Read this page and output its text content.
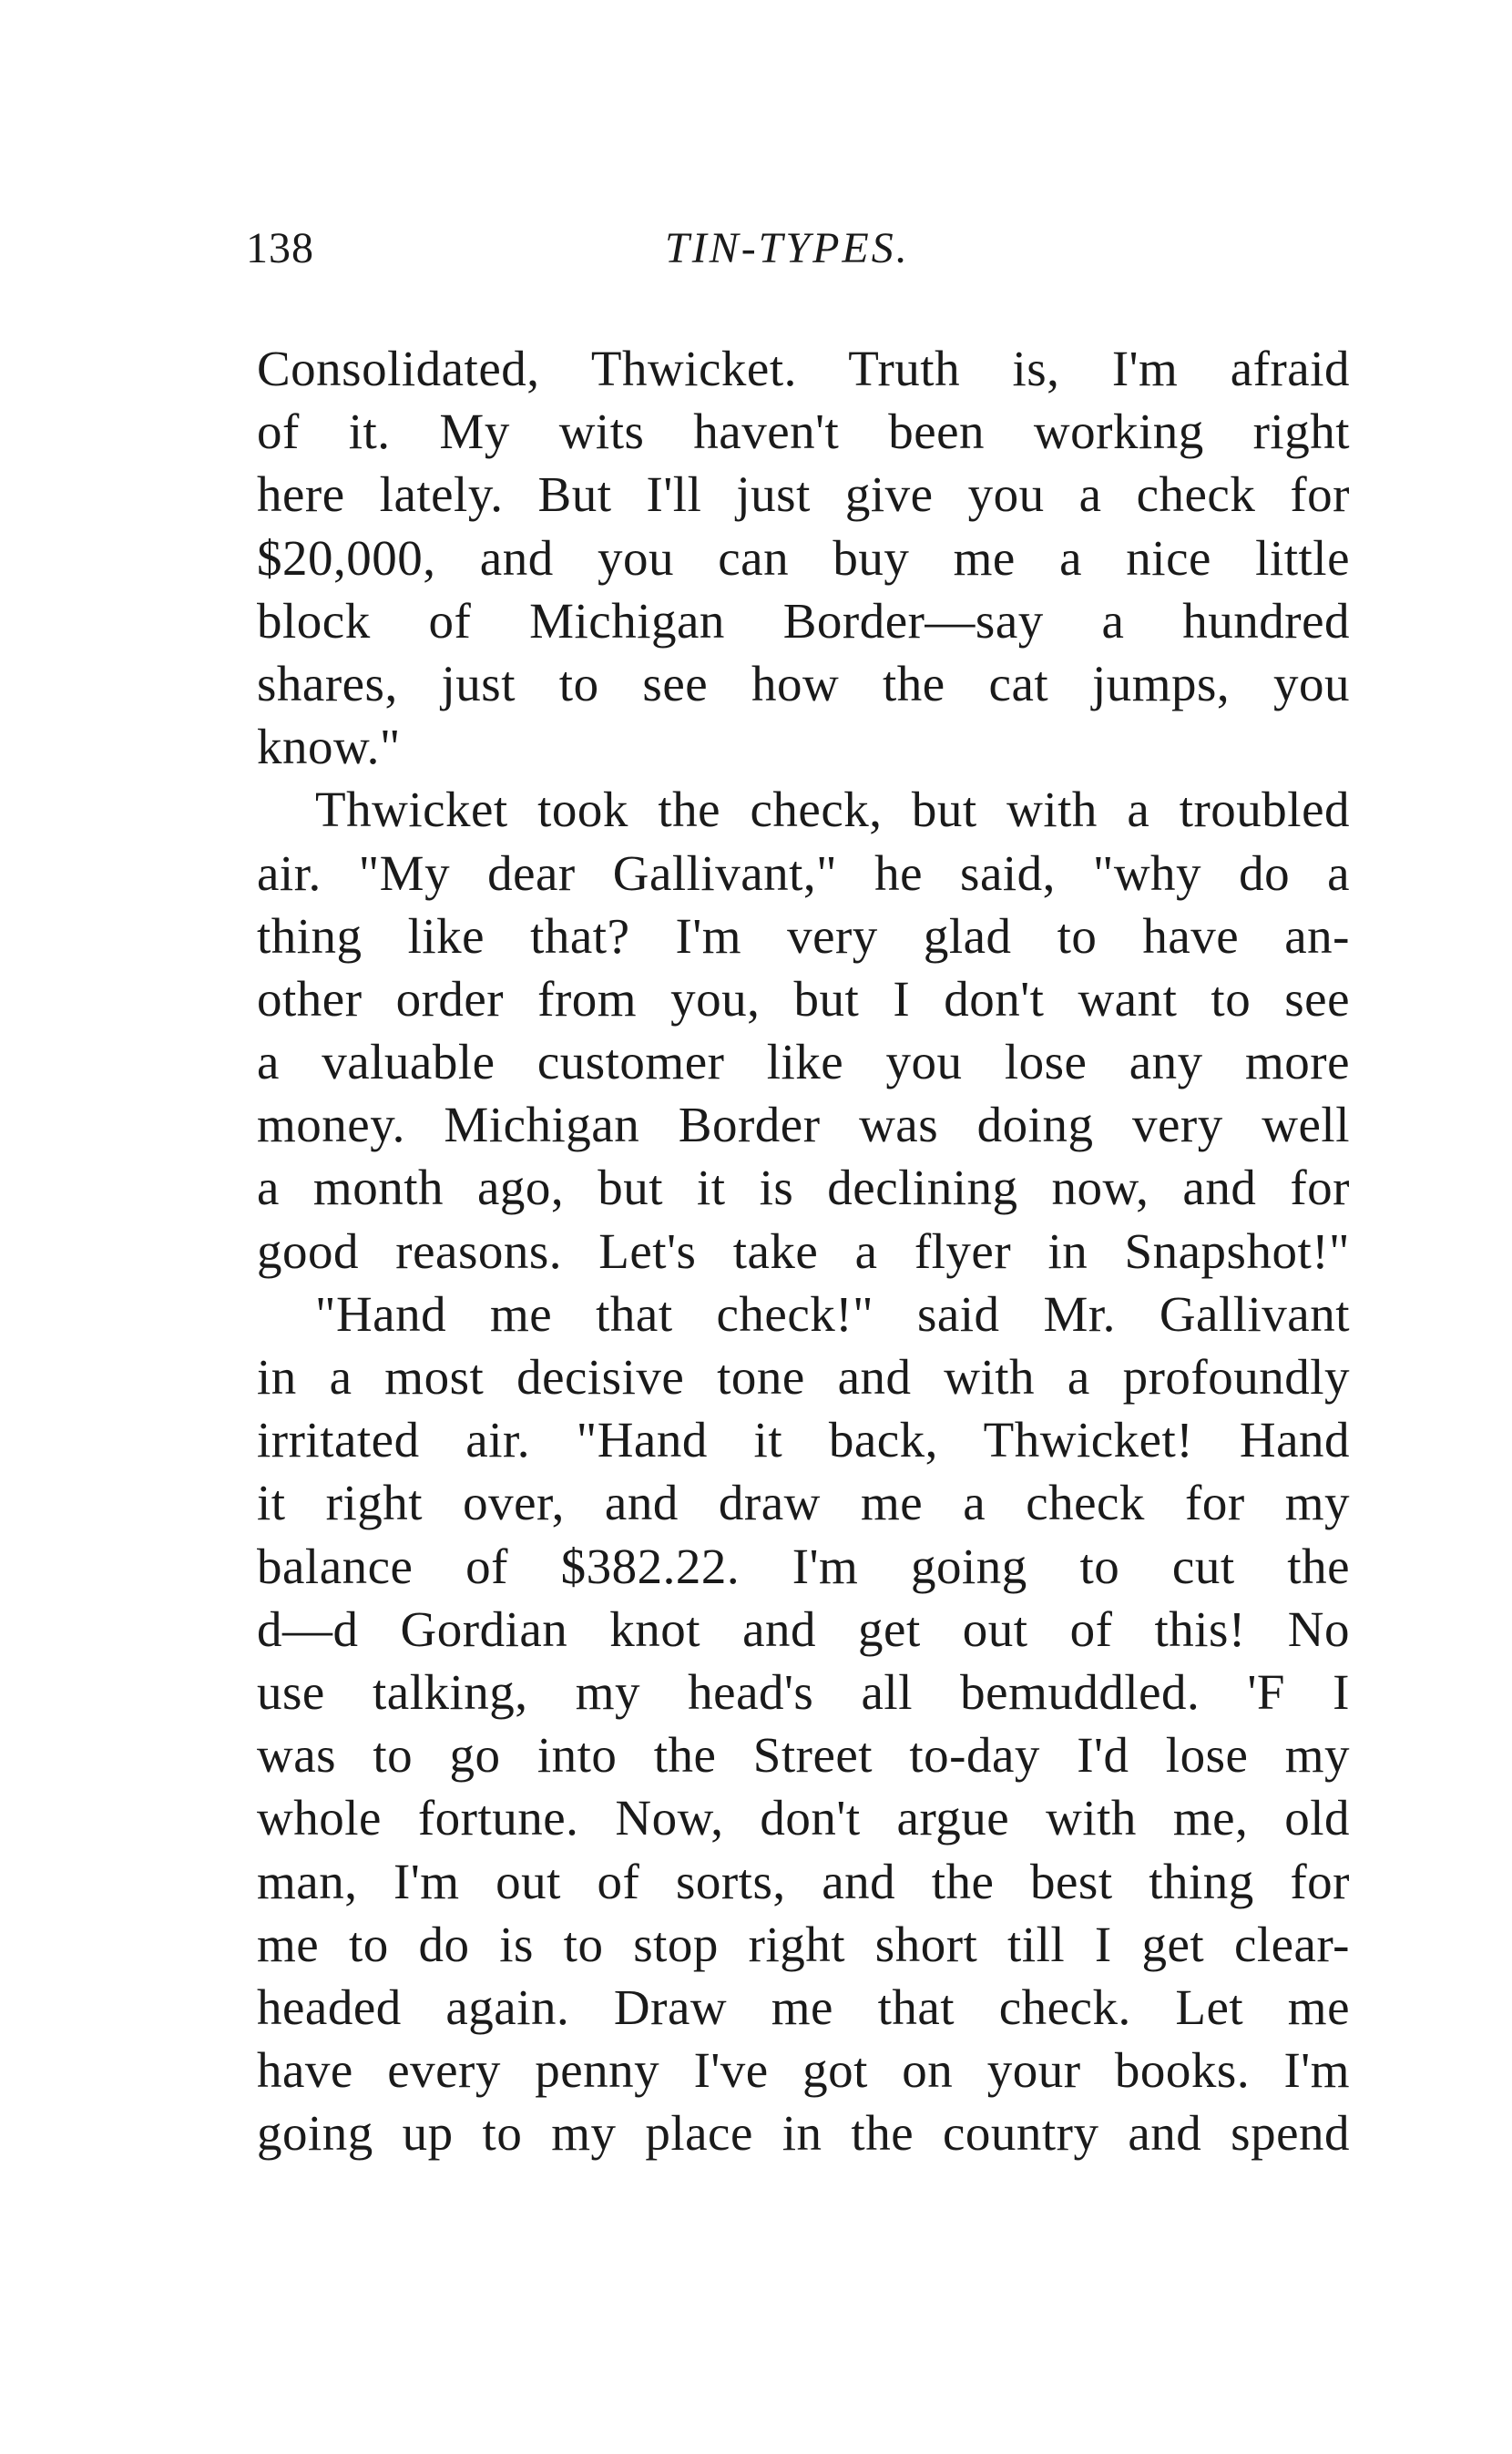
138	TIN-TYPES.
Consolidated, Thwicket. Truth is, I'm afraid
of it. My wits haven't been working right
here lately. But I'll just give you a check for
$20,000, and you can buy me a nice little
block of Michigan Border—say a hundred
shares, just to see how the cat jumps, you
know."
Thwicket took the check, but with a troubled
air. "My dear Gallivant," he said, "why do a
thing like that? I'm very glad to have an-
other order from you, but I don't want to see
a valuable customer like you lose any more
money. Michigan Border was doing very well
a month ago, but it is declining now, and for
good reasons. Let's take a flyer in Snapshot!"
"Hand me that check!" said Mr. Gallivant
in a most decisive tone and with a profoundly
irritated air. "Hand it back, Thwicket! Hand
it right over, and draw me a check for my
balance of $382.22. I'm going to cut the
d—d Gordian knot and get out of this! No
use talking, my head's all bemuddled. 'F I
was to go into the Street to-day I'd lose my
whole fortune. Now, don't argue with me, old
man, I'm out of sorts, and the best thing for
me to do is to stop right short till I get clear-
headed again. Draw me that check. Let me
have every penny I've got on your books. I'm
going up to my place in the country and spend
